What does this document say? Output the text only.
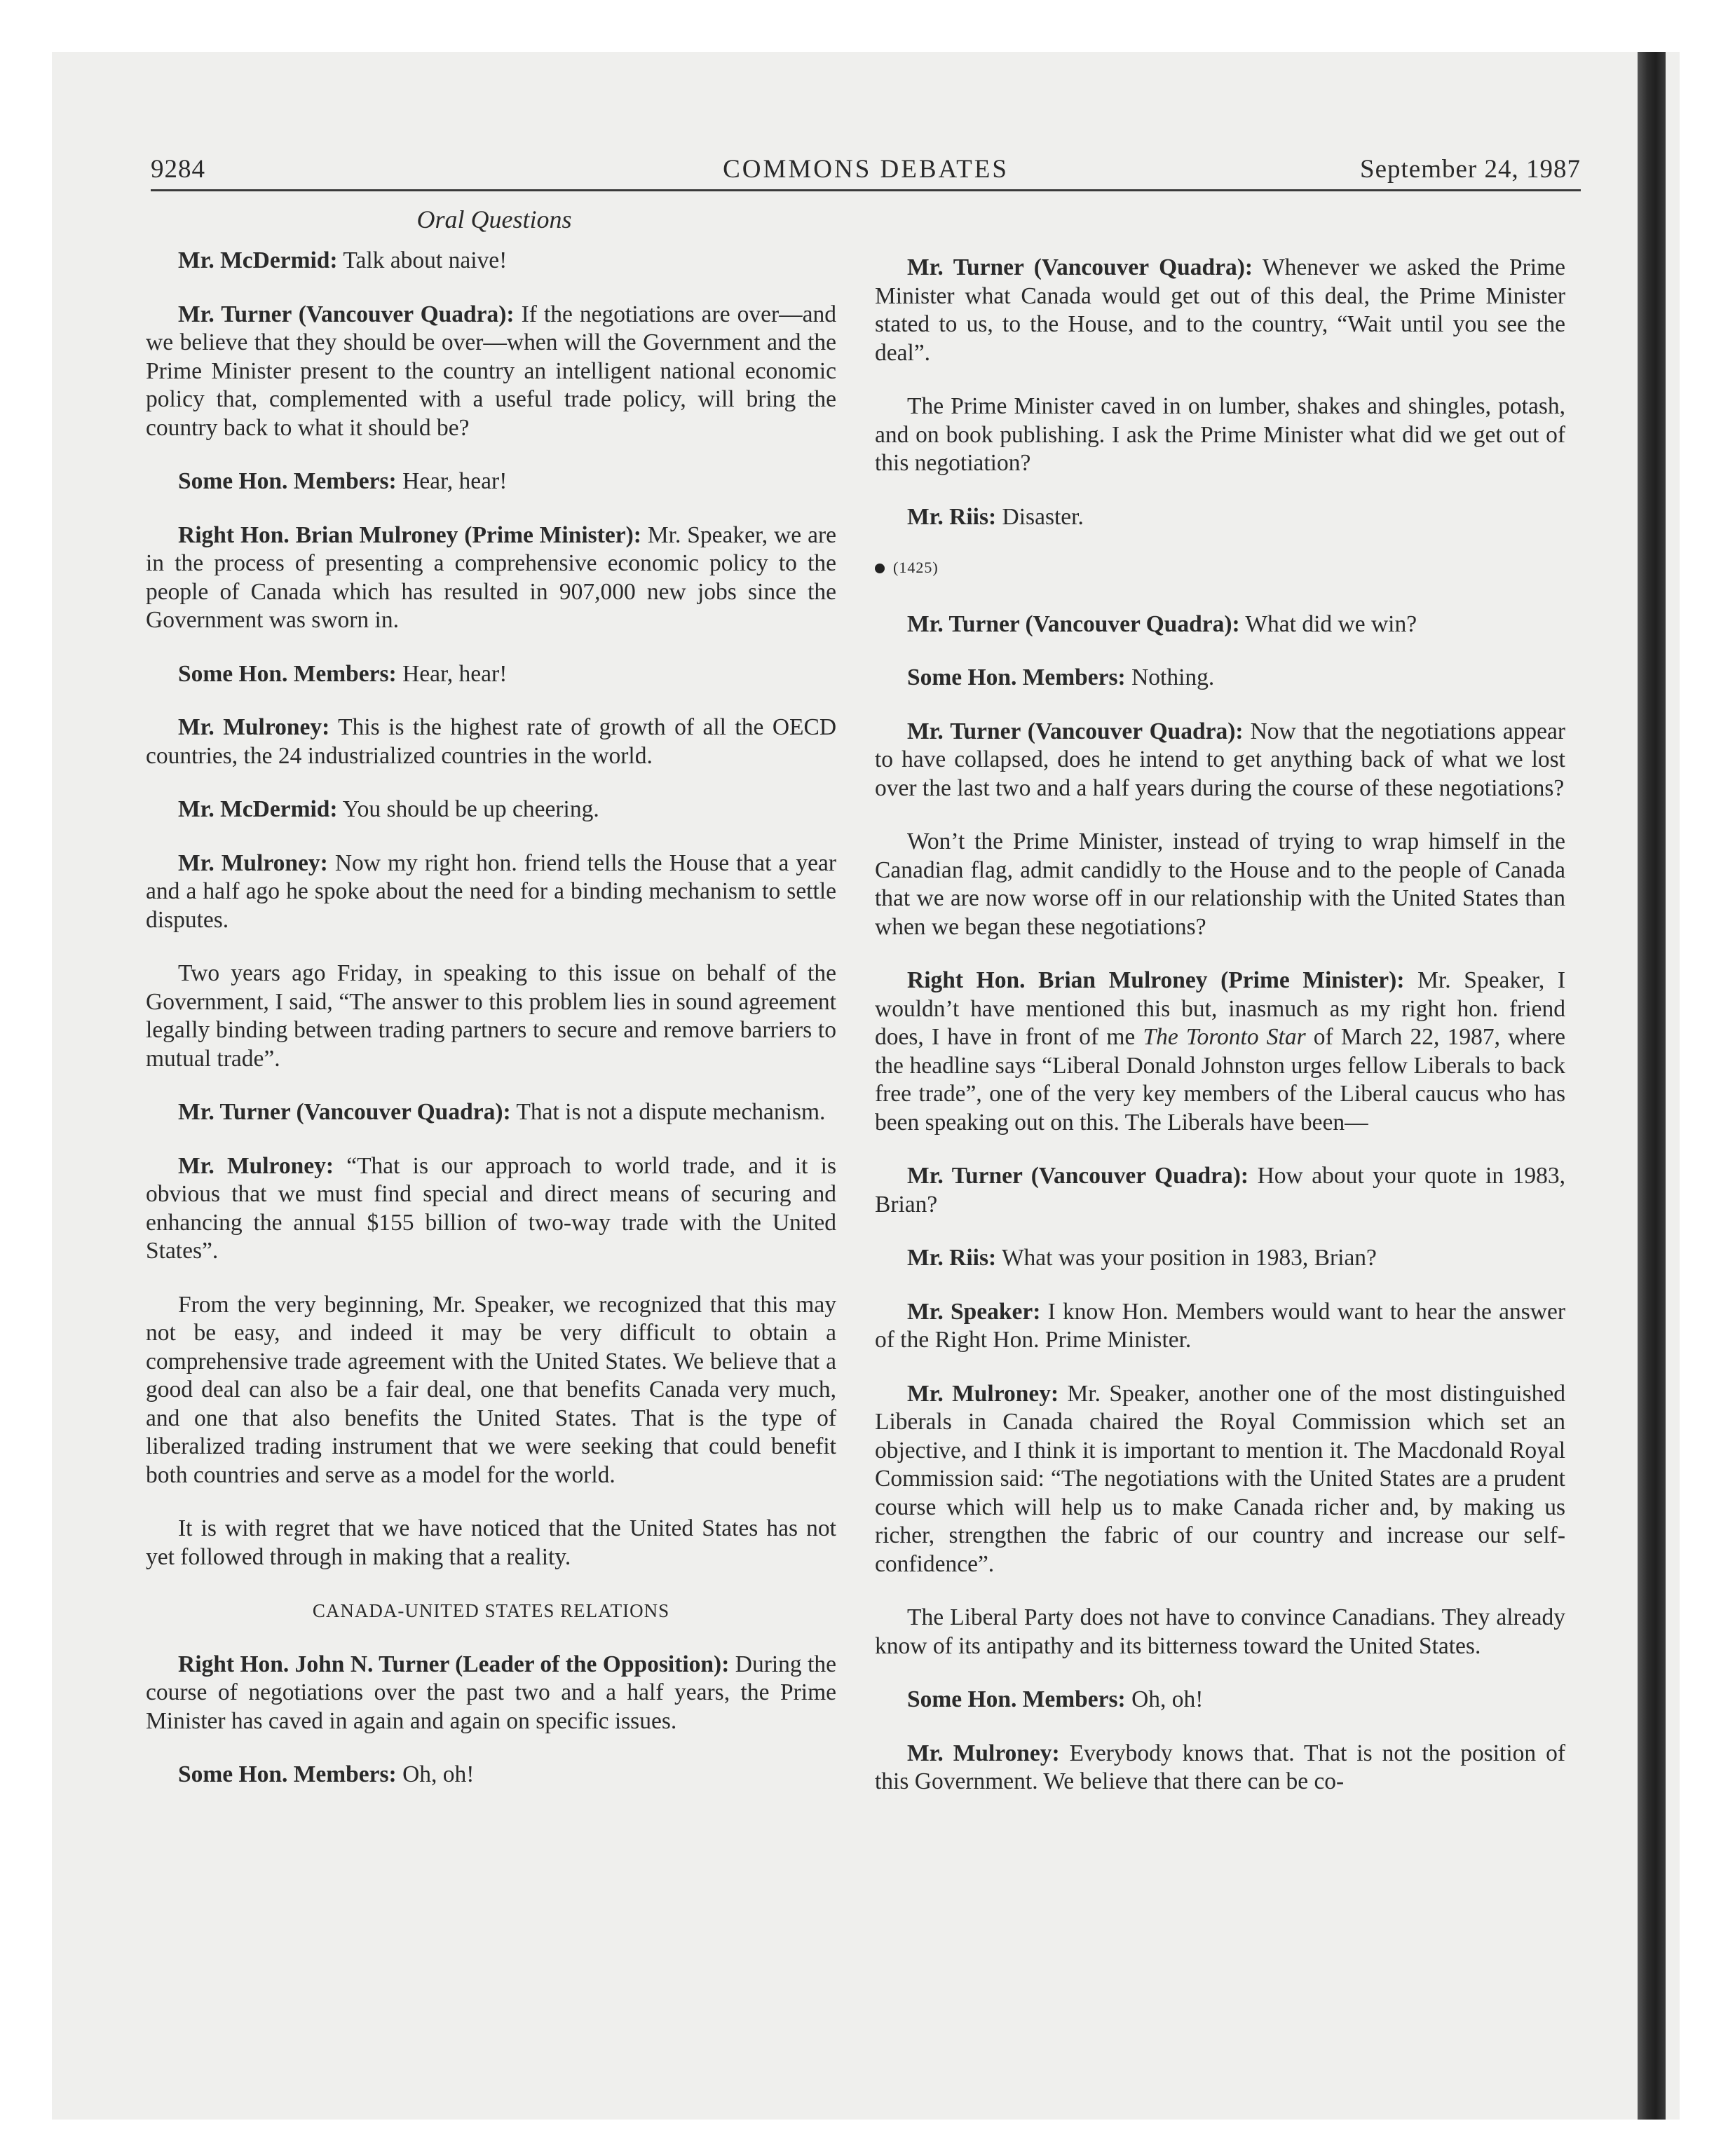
9284	COMMONS DEBATES	September 24, 1987
Oral Questions

Mr. McDermid: Talk about naive!

Mr. Turner (Vancouver Quadra): If the negotiations are over—and we believe that they should be over—when will the Government and the Prime Minister present to the country an intelligent national economic policy that, complemented with a useful trade policy, will bring the country back to what it should be?

Some Hon. Members: Hear, hear!

Right Hon. Brian Mulroney (Prime Minister): Mr. Speaker, we are in the process of presenting a comprehensive economic policy to the people of Canada which has resulted in 907,000 new jobs since the Government was sworn in.

Some Hon. Members: Hear, hear!

Mr. Mulroney: This is the highest rate of growth of all the OECD countries, the 24 industrialized countries in the world.

Mr. McDermid: You should be up cheering.

Mr. Mulroney: Now my right hon. friend tells the House that a year and a half ago he spoke about the need for a binding mechanism to settle disputes.

Two years ago Friday, in speaking to this issue on behalf of the Government, I said, “The answer to this problem lies in sound agreement legally binding between trading partners to secure and remove barriers to mutual trade”.

Mr. Turner (Vancouver Quadra): That is not a dispute mechanism.

Mr. Mulroney: “That is our approach to world trade, and it is obvious that we must find special and direct means of securing and enhancing the annual $155 billion of two-way trade with the United States”.

From the very beginning, Mr. Speaker, we recognized that this may not be easy, and indeed it may be very difficult to obtain a comprehensive trade agreement with the United States. We believe that a good deal can also be a fair deal, one that benefits Canada very much, and one that also benefits the United States. That is the type of liberalized trading instrument that we were seeking that could benefit both countries and serve as a model for the world.

It is with regret that we have noticed that the United States has not yet followed through in making that a reality.

CANADA-UNITED STATES RELATIONS

Right Hon. John N. Turner (Leader of the Opposition): During the course of negotiations over the past two and a half years, the Prime Minister has caved in again and again on specific issues.

Some Hon. Members: Oh, oh!

Mr. Turner (Vancouver Quadra): Whenever we asked the Prime Minister what Canada would get out of this deal, the Prime Minister stated to us, to the House, and to the country, “Wait until you see the deal”.

The Prime Minister caved in on lumber, shakes and shingles, potash, and on book publishing. I ask the Prime Minister what did we get out of this negotiation?

Mr. Riis: Disaster.

(1425)

Mr. Turner (Vancouver Quadra): What did we win?

Some Hon. Members: Nothing.

Mr. Turner (Vancouver Quadra): Now that the negotiations appear to have collapsed, does he intend to get anything back of what we lost over the last two and a half years during the course of these negotiations?

Won’t the Prime Minister, instead of trying to wrap himself in the Canadian flag, admit candidly to the House and to the people of Canada that we are now worse off in our relationship with the United States than when we began these negotiations?

Right Hon. Brian Mulroney (Prime Minister): Mr. Speaker, I wouldn’t have mentioned this but, inasmuch as my right hon. friend does, I have in front of me The Toronto Star of March 22, 1987, where the headline says “Liberal Donald Johnston urges fellow Liberals to back free trade”, one of the very key members of the Liberal caucus who has been speaking out on this. The Liberals have been—

Mr. Turner (Vancouver Quadra): How about your quote in 1983, Brian?

Mr. Riis: What was your position in 1983, Brian?

Mr. Speaker: I know Hon. Members would want to hear the answer of the Right Hon. Prime Minister.

Mr. Mulroney: Mr. Speaker, another one of the most distinguished Liberals in Canada chaired the Royal Commission which set an objective, and I think it is important to mention it. The Macdonald Royal Commission said: “The negotiations with the United States are a prudent course which will help us to make Canada richer and, by making us richer, strengthen the fabric of our country and increase our self-confidence”.

The Liberal Party does not have to convince Canadians. They already know of its antipathy and its bitterness toward the United States.

Some Hon. Members: Oh, oh!

Mr. Mulroney: Everybody knows that. That is not the position of this Government. We believe that there can be co-
